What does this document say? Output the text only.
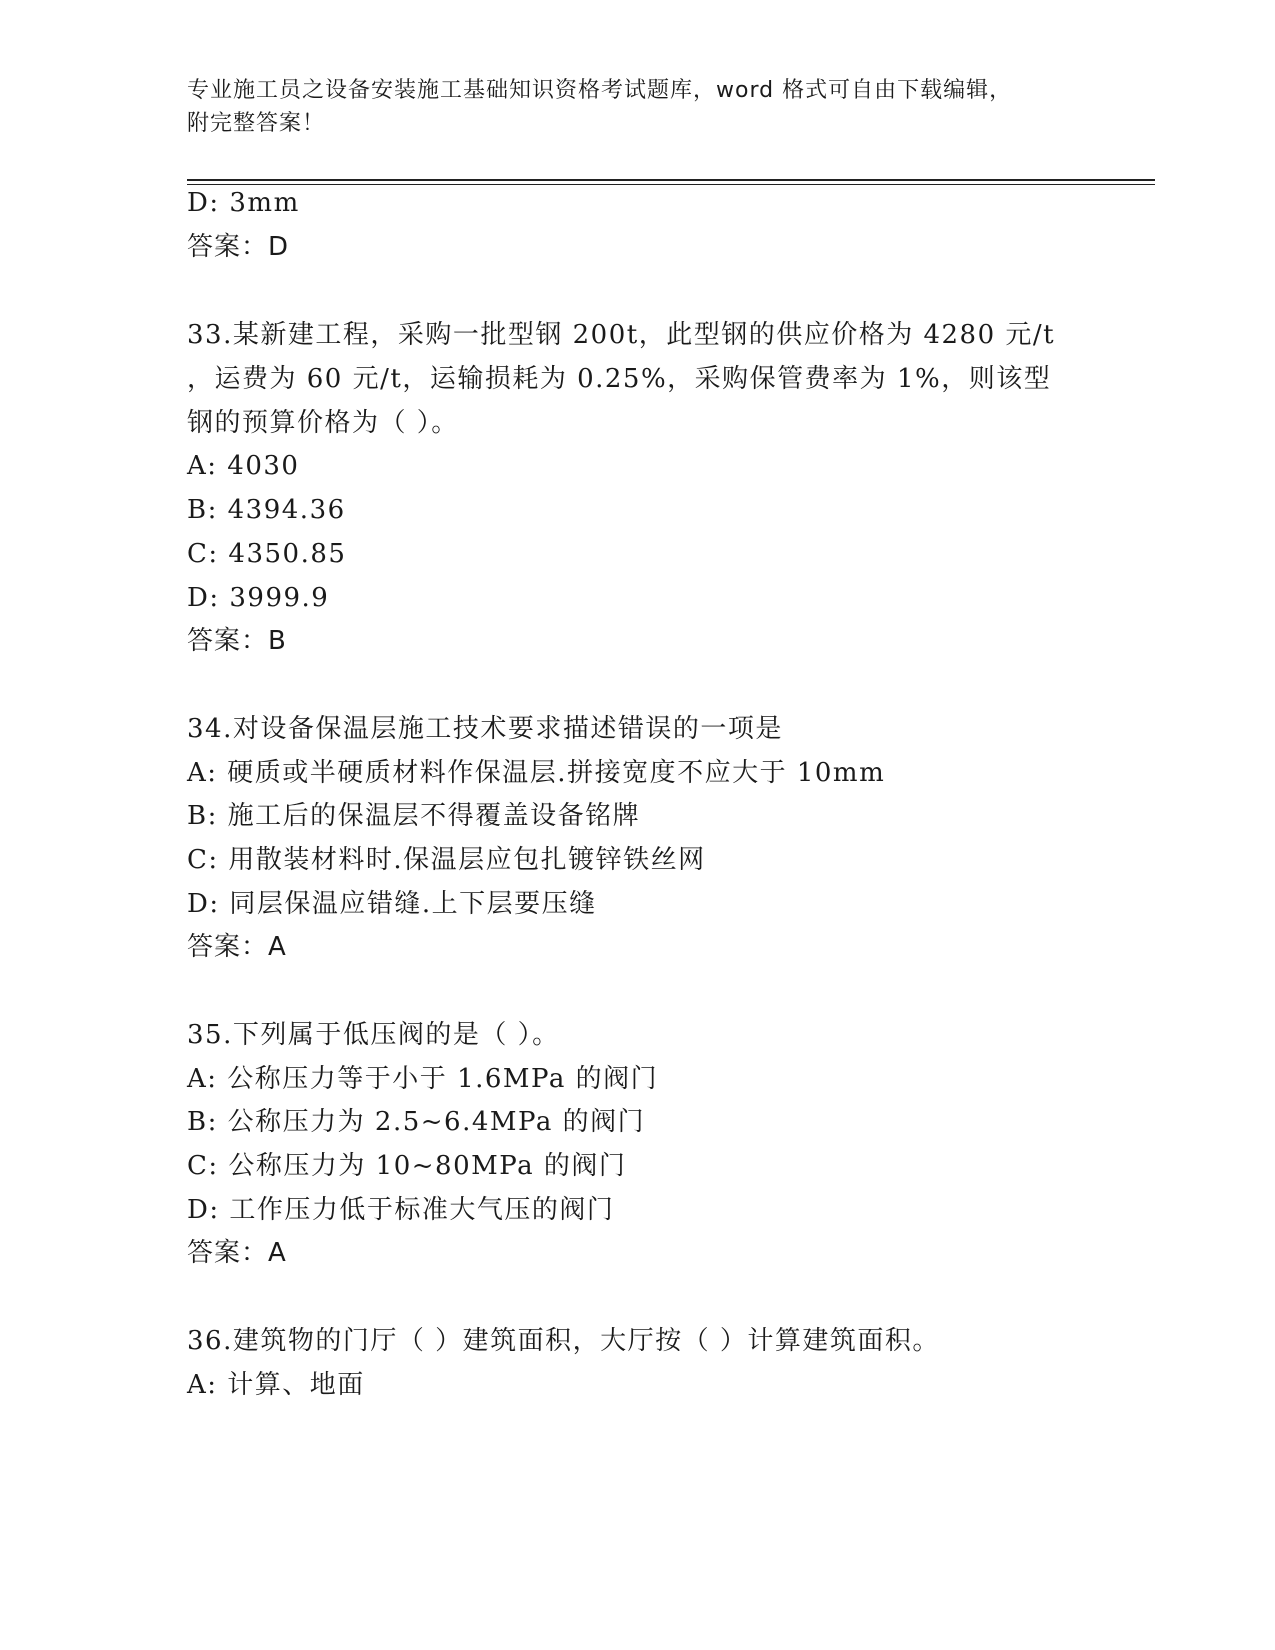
专业施工员之设备安装施工基础知识资格考试题库，word 格式可自由下载编辑，
附完整答案！
D: 3mm
答案：D
33.某新建工程，采购一批型钢 200t，此型钢的供应价格为 4280 元/t
，运费为 60 元/t，运输损耗为 0.25%，采购保管费率为 1%，则该型
钢的预算价格为（ ）。
A: 4030
B: 4394.36
C: 4350.85
D: 3999.9
答案：B
34.对设备保温层施工技术要求描述错误的一项是
A: 硬质或半硬质材料作保温层.拼接宽度不应大于 10mm
B: 施工后的保温层不得覆盖设备铭牌
C: 用散装材料时.保温层应包扎镀锌铁丝网
D: 同层保温应错缝.上下层要压缝
答案：A
35.下列属于低压阀的是（ ）。
A: 公称压力等于小于 1.6MPa 的阀门
B: 公称压力为 2.5~6.4MPa 的阀门
C: 公称压力为 10~80MPa 的阀门
D: 工作压力低于标准大气压的阀门
答案：A
36.建筑物的门厅（ ）建筑面积，大厅按（ ）计算建筑面积。
A: 计算、地面
